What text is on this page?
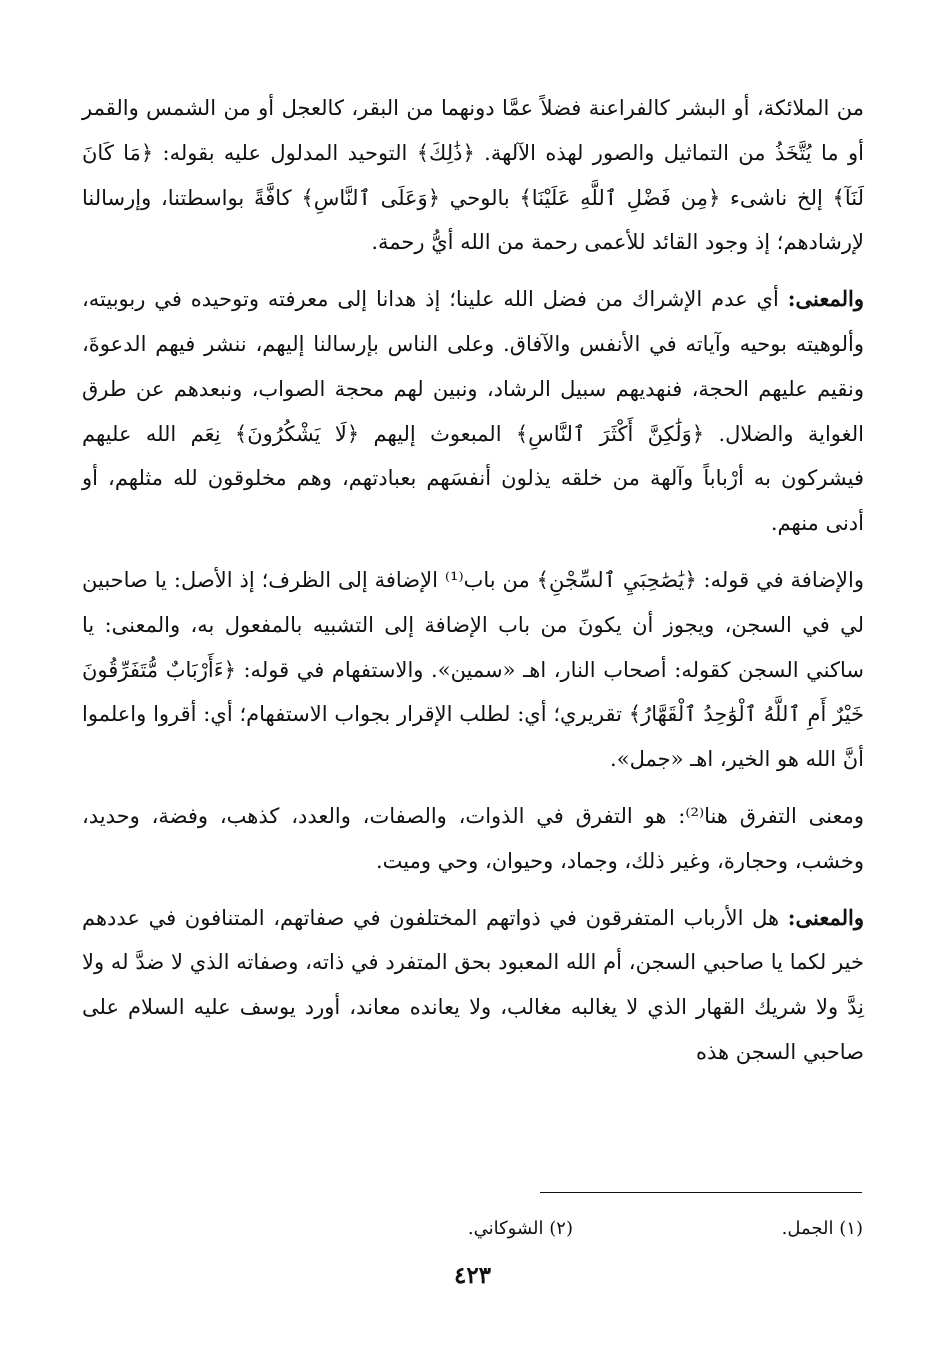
من الملائكة، أو البشر كالفراعنة فضلاً عمَّا دونهما من البقر، كالعجل أو من الشمس والقمر أو ما يُتَّخَذُ من التماثيل والصور لهذه الآلهة. ﴿ذَٰلِكَ﴾ التوحيد المدلول عليه بقوله: ﴿مَا كَانَ لَنَآ﴾ إلخ ناشىء ﴿مِن فَضْلِ ٱللَّهِ عَلَيْنَا﴾ بالوحي ﴿وَعَلَى ٱلنَّاسِ﴾ كافَّةً بواسطتنا، وإرسالنا لإرشادهم؛ إذ وجود القائد للأعمى رحمة من الله أيُّ رحمة.

والمعنى: أي عدم الإشراك من فضل الله علينا؛ إذ هدانا إلى معرفته وتوحيده في ربوبيته، وألوهيته بوحيه وآياته في الأنفس والآفاق. وعلى الناس بإرسالنا إليهم، ننشر فيهم الدعوةَ، ونقيم عليهم الحجة، فنهديهم سبيل الرشاد، ونبين لهم محجة الصواب، ونبعدهم عن طرق الغواية والضلال. ﴿وَلَٰكِنَّ أَكْثَرَ ٱلنَّاسِ﴾ المبعوث إليهم ﴿لَا يَشْكُرُونَ﴾ نِعَم الله عليهم فيشركون به أرْباباً وآلهة من خلقه يذلون أنفسَهم بعبادتهم، وهم مخلوقون لله مثلهم، أو أدنى منهم.

والإضافة في قوله: ﴿يَٰصَٰحِبَيِ ٱلسِّجْنِ﴾ من باب⁽¹⁾ الإضافة إلى الظرف؛ إذ الأصل: يا صاحبين لي في السجن، ويجوز أن يكونَ من باب الإضافة إلى التشبيه بالمفعول به، والمعنى: يا ساكني السجن كقوله: أصحاب النار، اهـ «سمين». والاستفهام في قوله: ﴿ءَأَرْبَابٌ مُّتَفَرِّقُونَ خَيْرٌ أَمِ ٱللَّهُ ٱلْوَٰحِدُ ٱلْقَهَّارُ﴾ تقريري؛ أي: لطلب الإقرار بجواب الاستفهام؛ أي: أقروا واعلموا أنَّ الله هو الخير، اهـ «جمل».

ومعنى التفرق هنا⁽²⁾: هو التفرق في الذوات، والصفات، والعدد، كذهب، وفضة، وحديد، وخشب، وحجارة، وغير ذلك، وجماد، وحيوان، وحي وميت.

والمعنى: هل الأرباب المتفرقون في ذواتهم المختلفون في صفاتهم، المتنافون في عددهم خير لكما يا صاحبي السجن، أم الله المعبود بحق المتفرد في ذاته، وصفاته الذي لا ضدَّ له ولا نِدَّ ولا شريك القهار الذي لا يغالبه مغالب، ولا يعانده معاند، أورد يوسف عليه السلام على صاحبي السجن هذه

(١) الجمل.
(٢) الشوكاني.
٤٢٣
